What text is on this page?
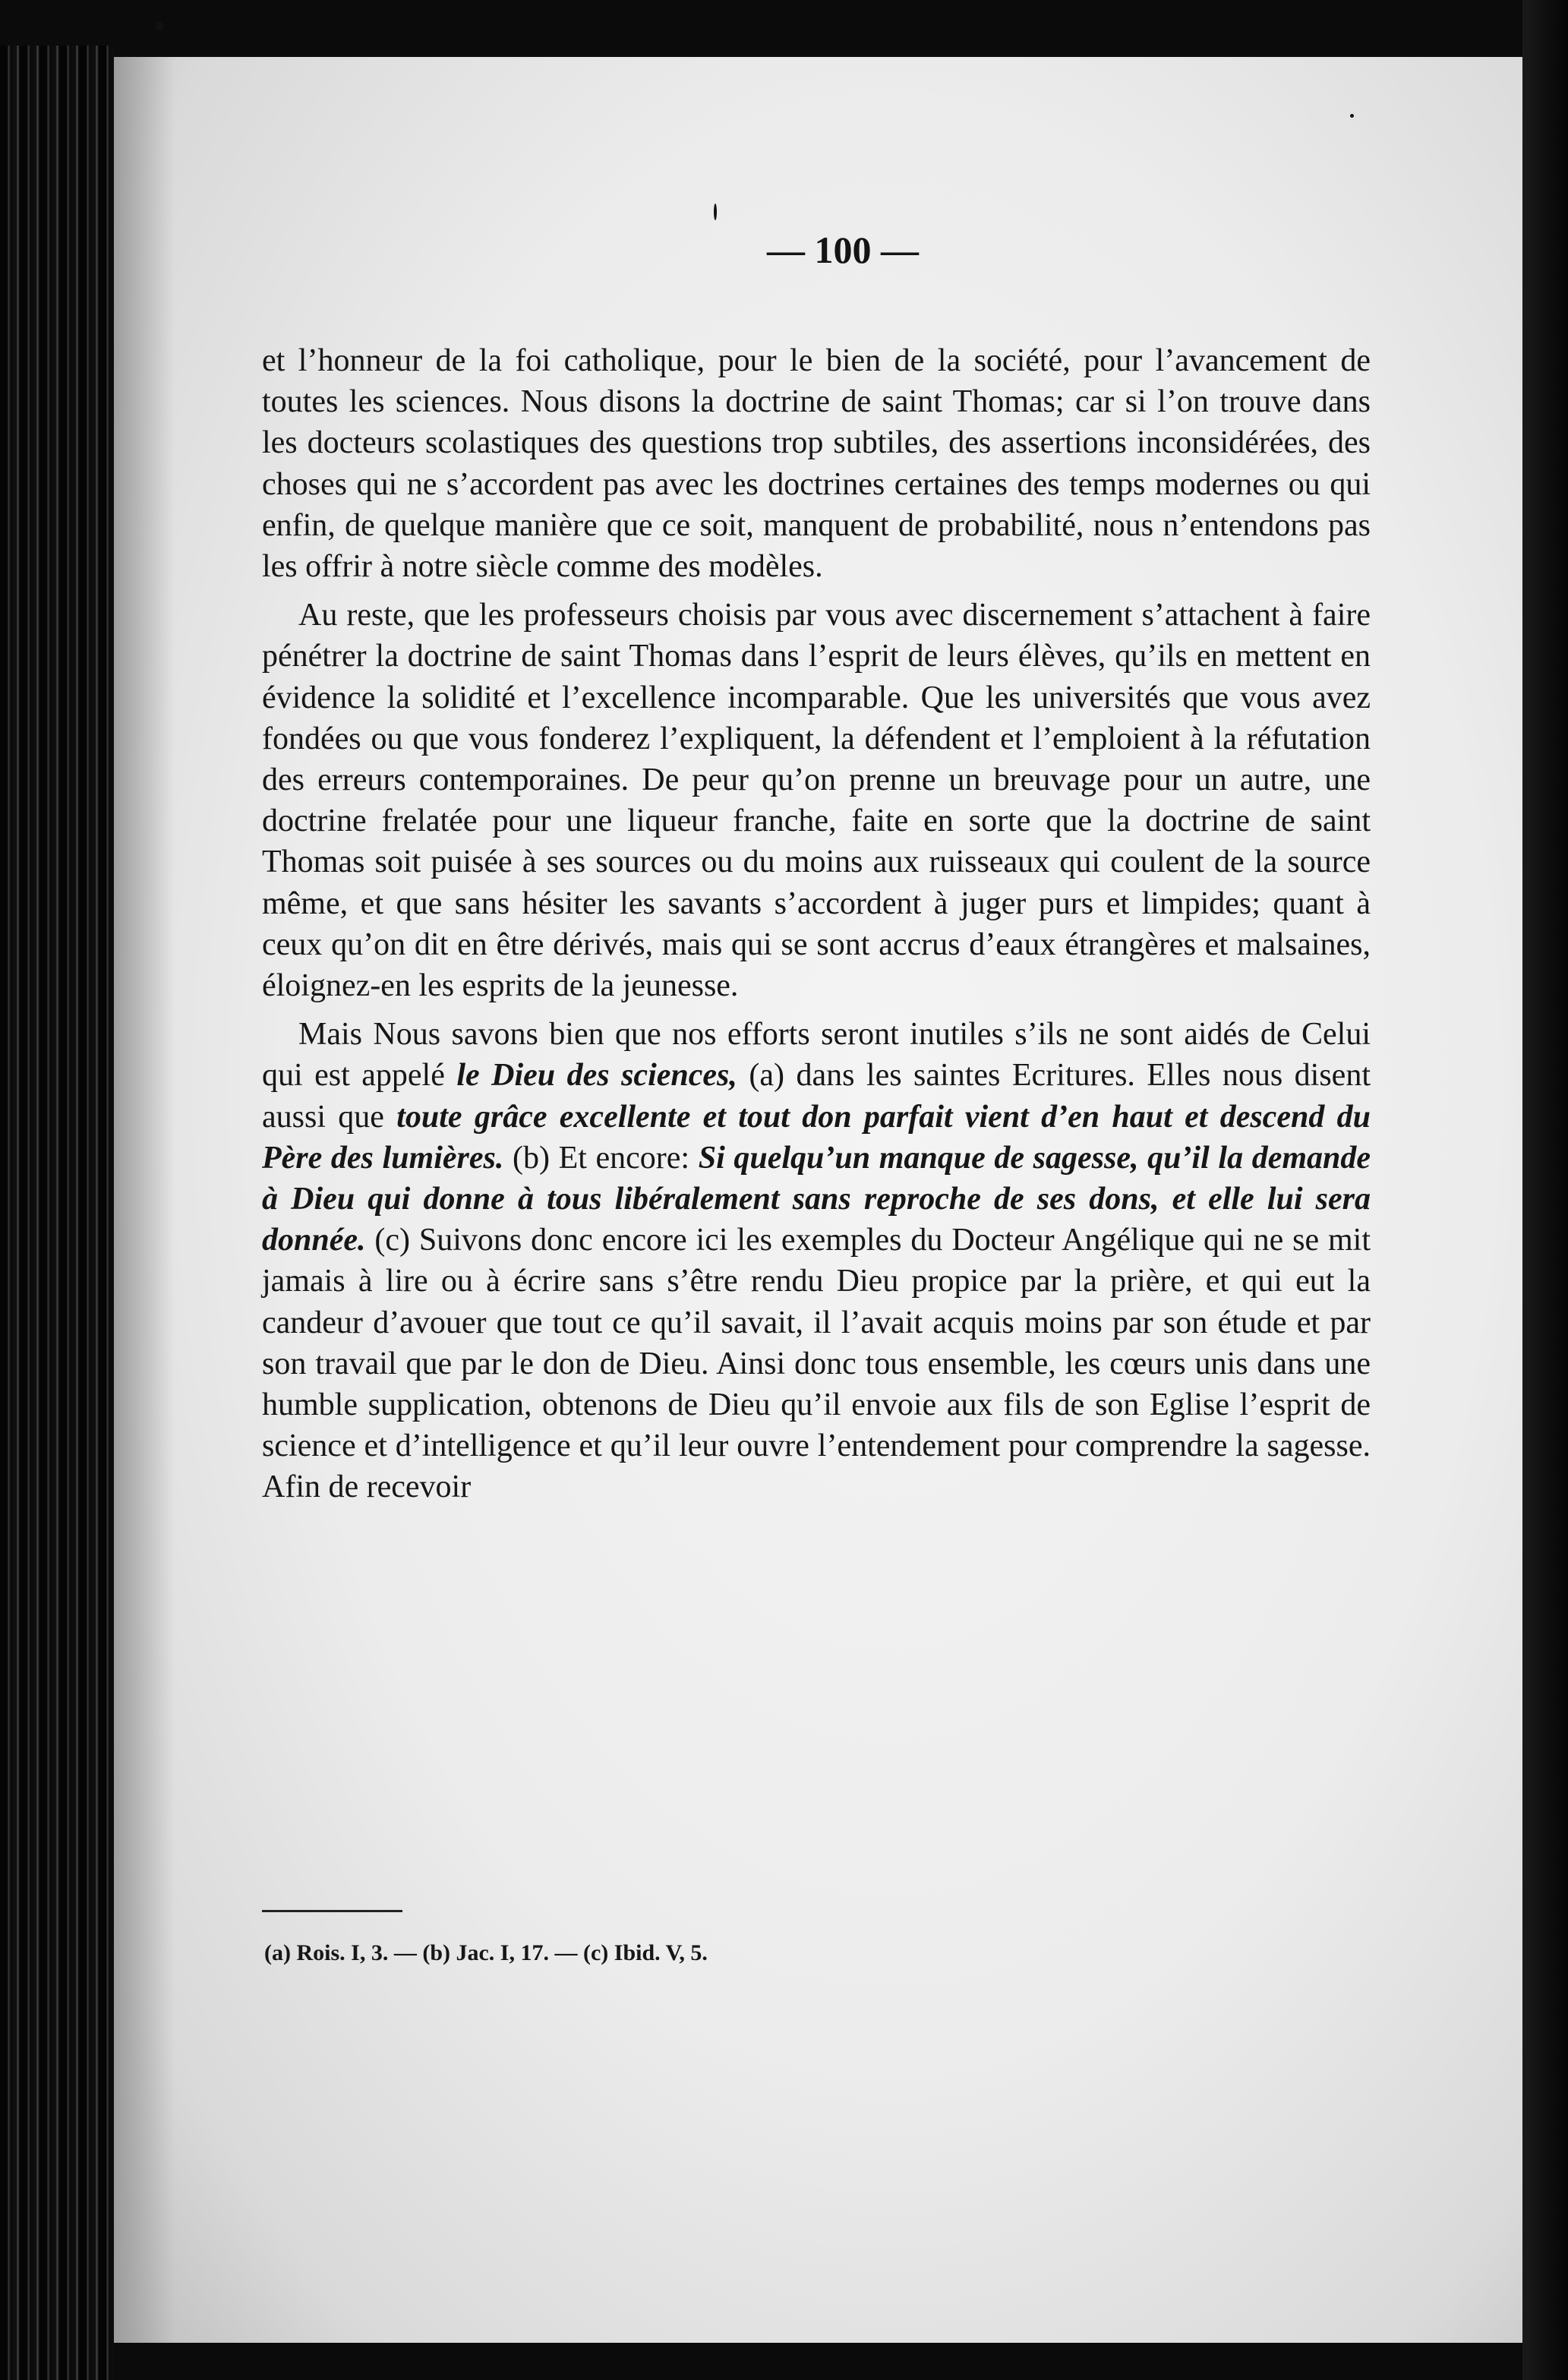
— 100 —

et l’honneur de la foi catholique, pour le bien de la société, pour l’avancement de toutes les sciences. Nous disons la doctrine de saint Thomas; car si l’on trouve dans les docteurs scolastiques des questions trop subtiles, des assertions inconsidérées, des choses qui ne s’accordent pas avec les doctrines certaines des temps modernes ou qui enfin, de quelque manière que ce soit, manquent de probabilité, nous n’entendons pas les offrir à notre siècle comme des modèles.

Au reste, que les professeurs choisis par vous avec discernement s’attachent à faire pénétrer la doctrine de saint Thomas dans l’esprit de leurs élèves, qu’ils en mettent en évidence la solidité et l’excellence incomparable. Que les universités que vous avez fondées ou que vous fonderez l’expliquent, la défendent et l’emploient à la réfutation des erreurs contemporaines. De peur qu’on prenne un breuvage pour un autre, une doctrine frelatée pour une liqueur franche, faite en sorte que la doctrine de saint Thomas soit puisée à ses sources ou du moins aux ruisseaux qui coulent de la source même, et que sans hésiter les savants s’accordent à juger purs et limpides; quant à ceux qu’on dit en être dérivés, mais qui se sont accrus d’eaux étrangères et malsaines, éloignez-en les esprits de la jeunesse.

Mais Nous savons bien que nos efforts seront inutiles s’ils ne sont aidés de Celui qui est appelé le Dieu des sciences, (a) dans les saintes Ecritures. Elles nous disent aussi que toute grâce excellente et tout don parfait vient d’en haut et descend du Père des lumières. (b) Et encore: Si quelqu’un manque de sagesse, qu’il la demande à Dieu qui donne à tous libéralement sans reproche de ses dons, et elle lui sera donnée. (c) Suivons donc encore ici les exemples du Docteur Angélique qui ne se mit jamais à lire ou à écrire sans s’être rendu Dieu propice par la prière, et qui eut la candeur d’avouer que tout ce qu’il savait, il l’avait acquis moins par son étude et par son travail que par le don de Dieu. Ainsi donc tous ensemble, les cœurs unis dans une humble supplication, obtenons de Dieu qu’il envoie aux fils de son Eglise l’esprit de science et d’intelligence et qu’il leur ouvre l’entendement pour comprendre la sagesse. Afin de recevoir

(a) Rois. I, 3. — (b) Jac. I, 17. — (c) Ibid. V, 5.
